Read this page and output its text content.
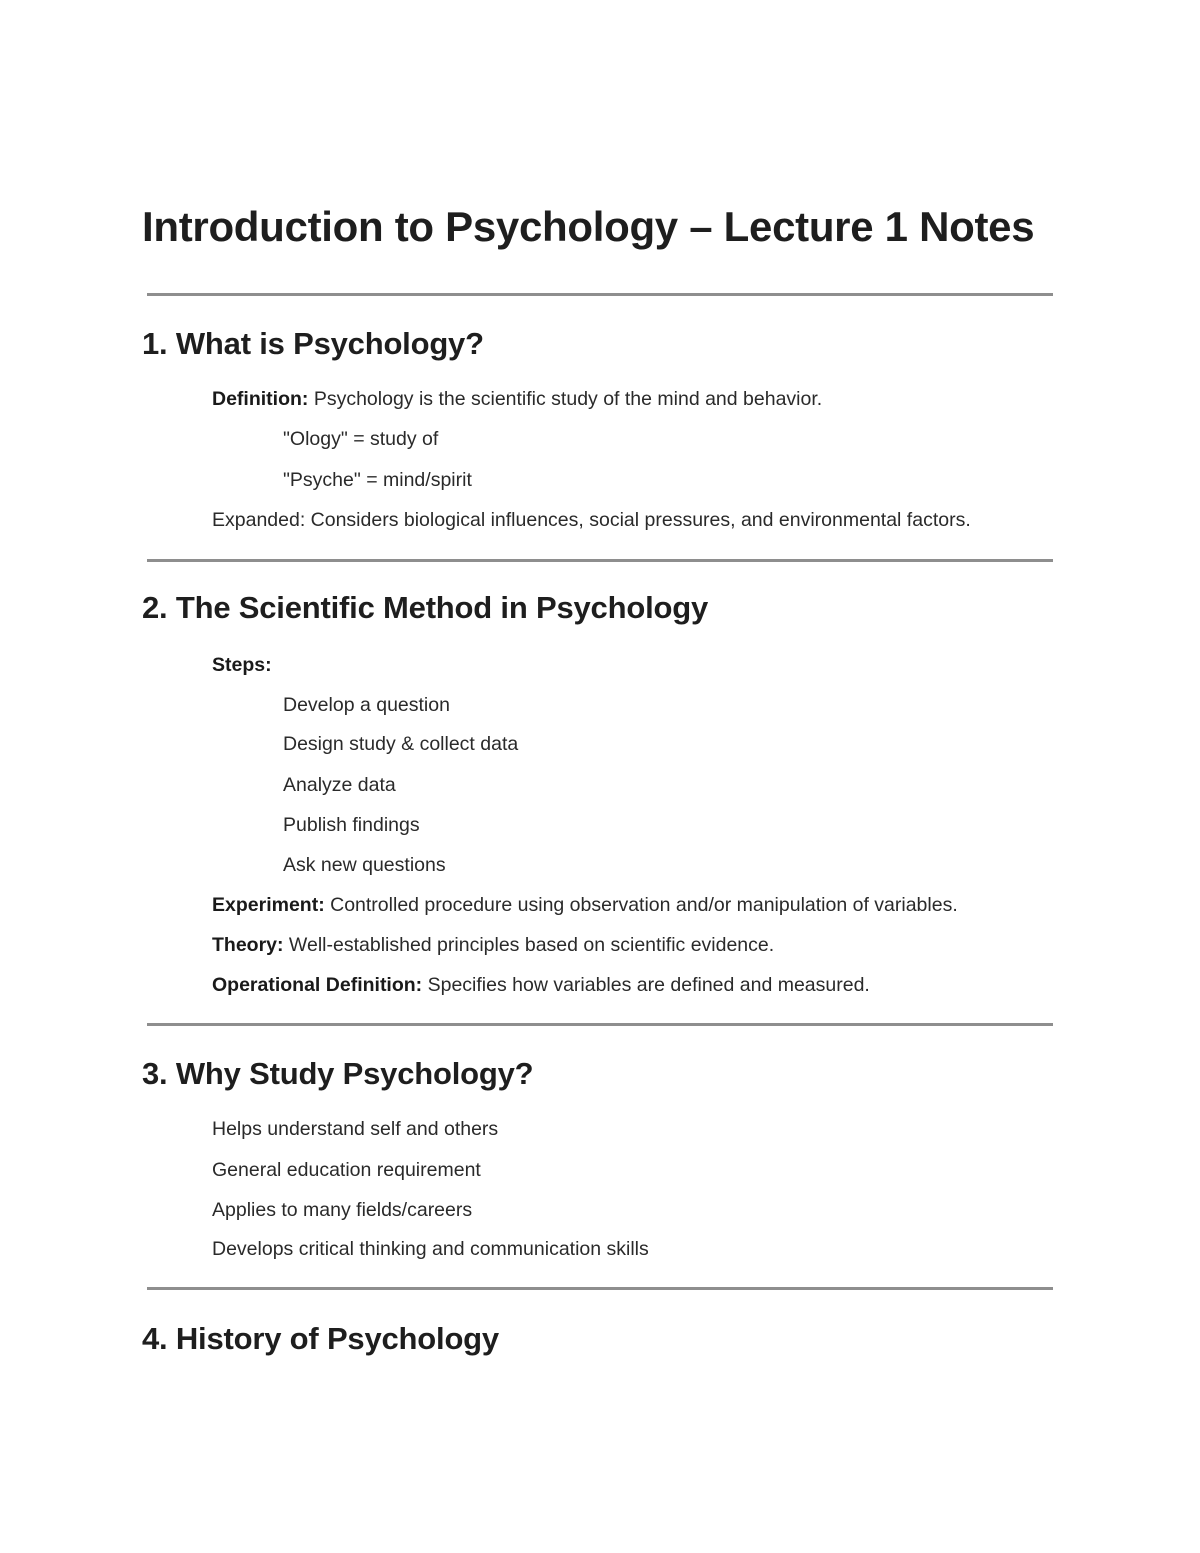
Introduction to Psychology – Lecture 1 Notes
1. What is Psychology?
Definition: Psychology is the scientific study of the mind and behavior.
"Ology" = study of
"Psyche" = mind/spirit
Expanded: Considers biological influences, social pressures, and environmental factors.
2. The Scientific Method in Psychology
Steps:
Develop a question
Design study & collect data
Analyze data
Publish findings
Ask new questions
Experiment: Controlled procedure using observation and/or manipulation of variables.
Theory: Well-established principles based on scientific evidence.
Operational Definition: Specifies how variables are defined and measured.
3. Why Study Psychology?
Helps understand self and others
General education requirement
Applies to many fields/careers
Develops critical thinking and communication skills
4. History of Psychology
